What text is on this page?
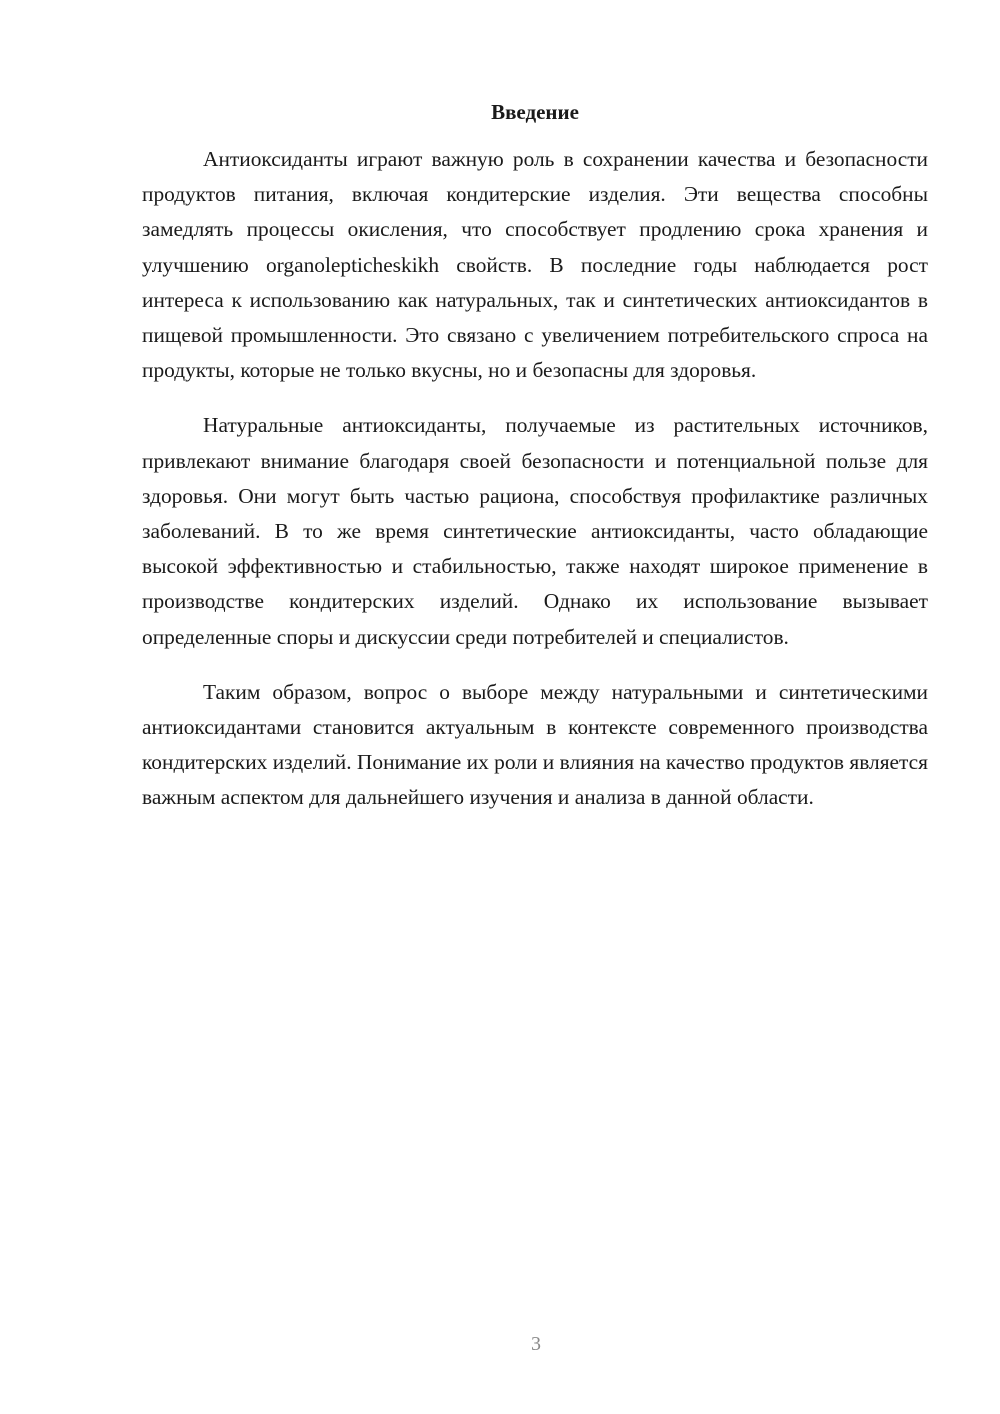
Введение

Антиоксиданты играют важную роль в сохранении качества и безопасности продуктов питания, включая кондитерские изделия. Эти вещества способны замедлять процессы окисления, что способствует продлению срока хранения и улучшению organolepticheskikh свойств. В последние годы наблюдается рост интереса к использованию как натуральных, так и синтетических антиоксидантов в пищевой промышленности. Это связано с увеличением потребительского спроса на продукты, которые не только вкусны, но и безопасны для здоровья.

Натуральные антиоксиданты, получаемые из растительных источников, привлекают внимание благодаря своей безопасности и потенциальной пользе для здоровья. Они могут быть частью рациона, способствуя профилактике различных заболеваний. В то же время синтетические антиоксиданты, часто обладающие высокой эффективностью и стабильностью, также находят широкое применение в производстве кондитерских изделий. Однако их использование вызывает определенные споры и дискуссии среди потребителей и специалистов.

Таким образом, вопрос о выборе между натуральными и синтетическими антиоксидантами становится актуальным в контексте современного производства кондитерских изделий. Понимание их роли и влияния на качество продуктов является важным аспектом для дальнейшего изучения и анализа в данной области.

3
